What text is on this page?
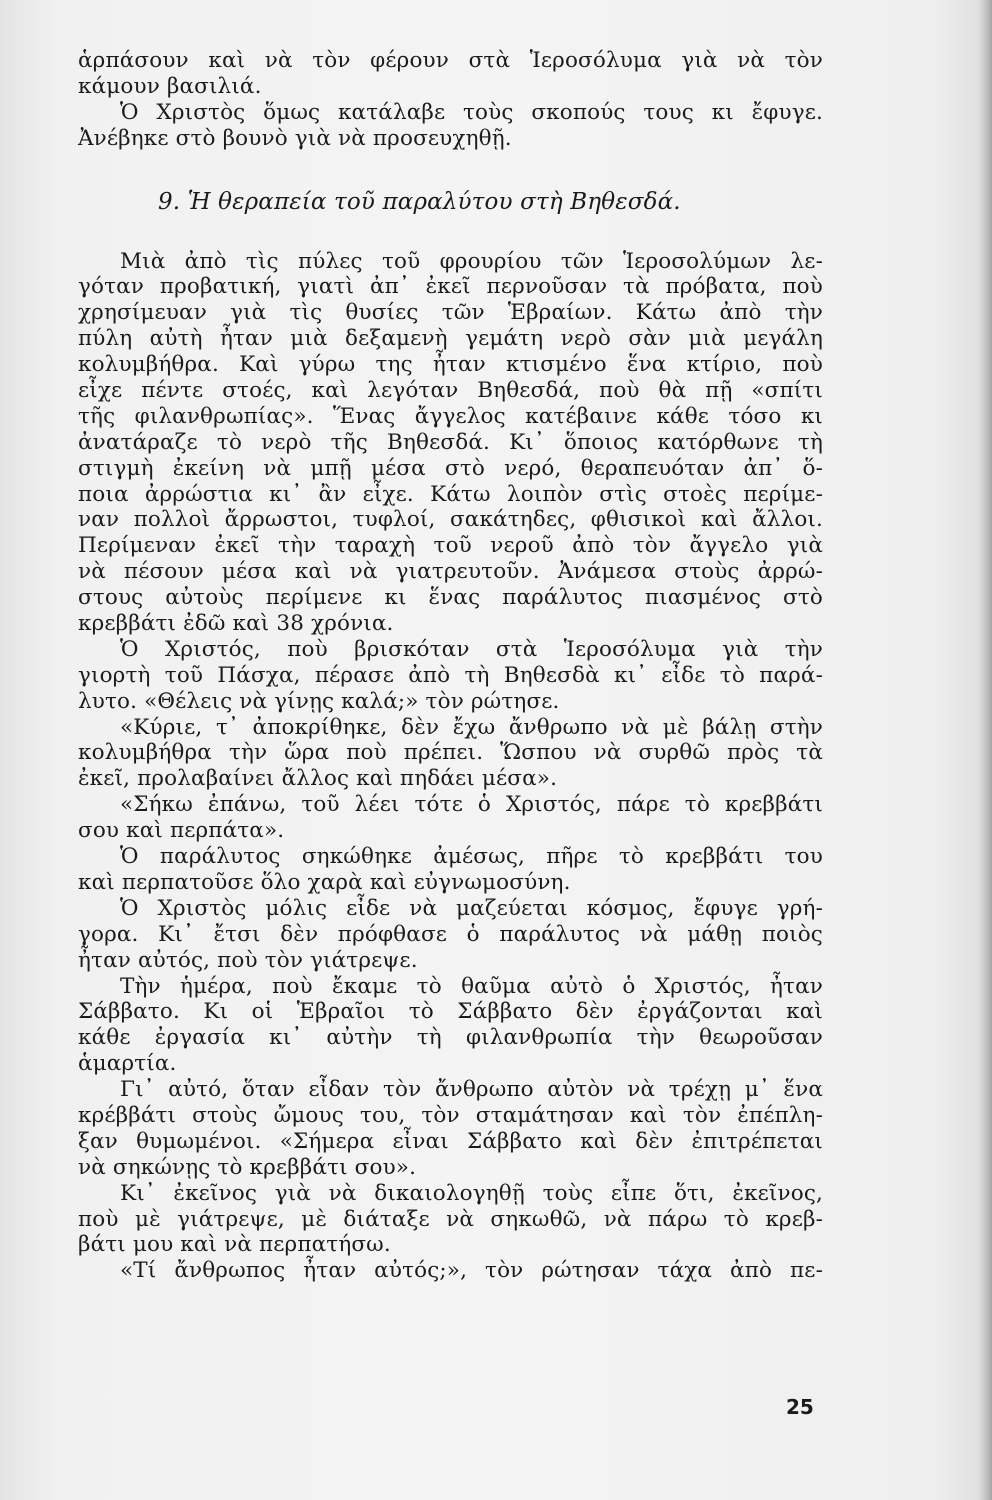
ἁρπάσουν καὶ νὰ τὸν φέρουν στὰ Ἱεροσόλυμα γιὰ νὰ τὸν
κάμουν βασιλιά.
Ὁ Χριστὸς ὅμως κατάλαβε τοὺς σκοπούς τους κι ἔφυγε.
Ἀνέβηκε στὸ βουνὸ γιὰ νὰ προσευχηθῇ.
9. Ἡ θεραπεία τοῦ παραλύτου στὴ Βηθεσδά.
Μιὰ ἀπὸ τὶς πύλες τοῦ φρουρίου τῶν Ἱεροσολύμων λε-
γόταν προβατική, γιατὶ ἀπ᾿ ἐκεῖ περνοῦσαν τὰ πρόβατα, ποὺ
χρησίμευαν γιὰ τὶς θυσίες τῶν Ἑβραίων. Κάτω ἀπὸ τὴν
πύλη αὐτὴ ἦταν μιὰ δεξαμενὴ γεμάτη νερὸ σὰν μιὰ μεγάλη
κολυμβήθρα. Καὶ γύρω της ἦταν κτισμένο ἕνα κτίριο, ποὺ
εἶχε πέντε στοές, καὶ λεγόταν Βηθεσδά, ποὺ θὰ πῇ «σπίτι
τῆς φιλανθρωπίας». Ἕνας ἄγγελος κατέβαινε κάθε τόσο κι
ἀνατάραζε τὸ νερὸ τῆς Βηθεσδά. Κι᾿ ὅποιος κατόρθωνε τὴ
στιγμὴ ἐκείνη νὰ μπῇ μέσα στὸ νερό, θεραπευόταν ἀπ᾿ ὅ-
ποια ἀρρώστια κι᾿ ἂν εἶχε. Κάτω λοιπὸν στὶς στοὲς περίμε-
ναν πολλοὶ ἄρρωστοι, τυφλοί, σακάτηδες, φθισικοὶ καὶ ἄλλοι.
Περίμεναν ἐκεῖ τὴν ταραχὴ τοῦ νεροῦ ἀπὸ τὸν ἄγγελο γιὰ
νὰ πέσουν μέσα καὶ νὰ γιατρευτοῦν. Ἀνάμεσα στοὺς ἀρρώ-
στους αὐτοὺς περίμενε κι ἕνας παράλυτος πιασμένος στὸ
κρεββάτι ἐδῶ καὶ 38 χρόνια.
Ὁ Χριστός, ποὺ βρισκόταν στὰ Ἱεροσόλυμα γιὰ τὴν
γιορτὴ τοῦ Πάσχα, πέρασε ἀπὸ τὴ Βηθεσδὰ κι᾿ εἶδε τὸ παρά-
λυτο. «Θέλεις νὰ γίνῃς καλά;» τὸν ρώτησε.
«Κύριε, τ᾿ ἀποκρίθηκε, δὲν ἔχω ἄνθρωπο νὰ μὲ βάλῃ στὴν
κολυμβήθρα τὴν ὥρα ποὺ πρέπει. Ὥσπου νὰ συρθῶ πρὸς τὰ
ἐκεῖ, προλαβαίνει ἄλλος καὶ πηδάει μέσα».
«Σήκω ἐπάνω, τοῦ λέει τότε ὁ Χριστός, πάρε τὸ κρεββάτι
σου καὶ περπάτα».
Ὁ παράλυτος σηκώθηκε ἀμέσως, πῆρε τὸ κρεββάτι του
καὶ περπατοῦσε ὅλο χαρὰ καὶ εὐγνωμοσύνη.
Ὁ Χριστὸς μόλις εἶδε νὰ μαζεύεται κόσμος, ἔφυγε γρή-
γορα. Κι᾿ ἔτσι δὲν πρόφθασε ὁ παράλυτος νὰ μάθῃ ποιὸς
ἦταν αὐτός, ποὺ τὸν γιάτρεψε.
Τὴν ἡμέρα, ποὺ ἔκαμε τὸ θαῦμα αὐτὸ ὁ Χριστός, ἦταν
Σάββατο. Κι οἱ Ἑβραῖοι τὸ Σάββατο δὲν ἐργάζονται καὶ
κάθε ἐργασία κι᾿ αὐτὴν τὴ φιλανθρωπία τὴν θεωροῦσαν
ἁμαρτία.
Γι᾿ αὐτό, ὅταν εἶδαν τὸν ἄνθρωπο αὐτὸν νὰ τρέχῃ μ᾿ ἕνα
κρέββάτι στοὺς ὤμους του, τὸν σταμάτησαν καὶ τὸν ἐπέπλη-
ξαν θυμωμένοι. «Σήμερα εἶναι Σάββατο καὶ δὲν ἐπιτρέπεται
νὰ σηκώνῃς τὸ κρεββάτι σου».
Κι᾿ ἐκεῖνος γιὰ νὰ δικαιολογηθῇ τοὺς εἶπε ὅτι, ἐκεῖνος,
ποὺ μὲ γιάτρεψε, μὲ διάταξε νὰ σηκωθῶ, νὰ πάρω τὸ κρεβ-
βάτι μου καὶ νὰ περπατήσω.
«Τί ἄνθρωπος ἦταν αὐτός;», τὸν ρώτησαν τάχα ἀπὸ πε-
25
